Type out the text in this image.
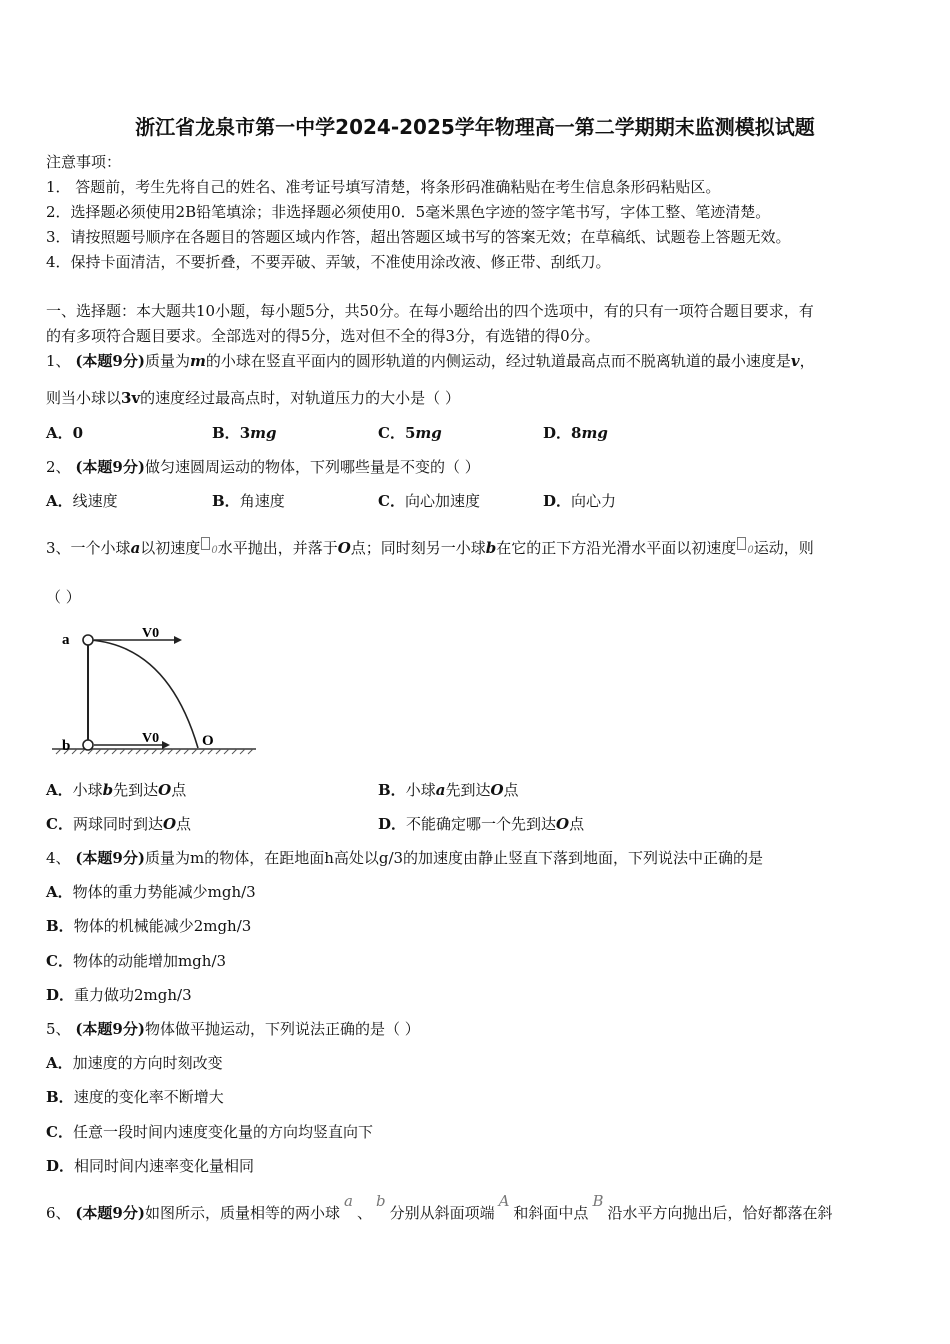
浙江省龙泉市第一中学2024-2025学年物理高一第二学期期末监测模拟试题
注意事项：
1． 答题前，考生先将自己的姓名、准考证号填写清楚，将条形码准确粘贴在考生信息条形码粘贴区。
2．选择题必须使用2B铅笔填涂；非选择题必须使用0．5毫米黑色字迹的签字笔书写，字体工整、笔迹清楚。
3．请按照题号顺序在各题目的答题区域内作答，超出答题区域书写的答案无效；在草稿纸、试题卷上答题无效。
4．保持卡面清洁，不要折叠，不要弄破、弄皱，不准使用涂改液、修正带、刮纸刀。
一、选择题：本大题共10小题，每小题5分，共50分。在每小题给出的四个选项中，有的只有一项符合题目要求，有
的有多项符合题目要求。全部选对的得5分，选对但不全的得3分，有选错的得0分。
1、 (本题9分)质量为m的小球在竖直平面内的圆形轨道的内侧运动，经过轨道最高点而不脱离轨道的最小速度是v，
则当小球以3v的速度经过最高点时，对轨道压力的大小是（ ）
A．0	B．3mg	C．5mg	D．8mg
2、 (本题9分)做匀速圆周运动的物体，下列哪些量是不变的（ ）
A．线速度	B．角速度	C．向心加速度	D．向心力
3、一个小球a以初速度 0水平抛出，并落于O点；同时刻另一小球b在它的正下方沿光滑水平面以初速度 0运动，则
（ ）
a
b
V0
V0	O
A．小球b先到达O点	B．小球a先到达O点
C．两球同时到达O点	D．不能确定哪一个先到达O点
4、 (本题9分)质量为m的物体，在距地面h高处以g/3的加速度由静止竖直下落到地面，下列说法中正确的是
A．物体的重力势能减少mgh/3
B．物体的机械能减少2mgh/3
C．物体的动能增加mgh/3
D．重力做功2mgh/3
5、 (本题9分)物体做平抛运动，下列说法正确的是（ ）
A．加速度的方向时刻改变
B．速度的变化率不断增大
C．任意一段时间内速度变化量的方向均竖直向下
D．相同时间内速率变化量相同
6、 (本题9分)如图所示，质量相等的两小球a、b分别从斜面项端A和斜面中点B沿水平方向抛出后，恰好都落在斜
